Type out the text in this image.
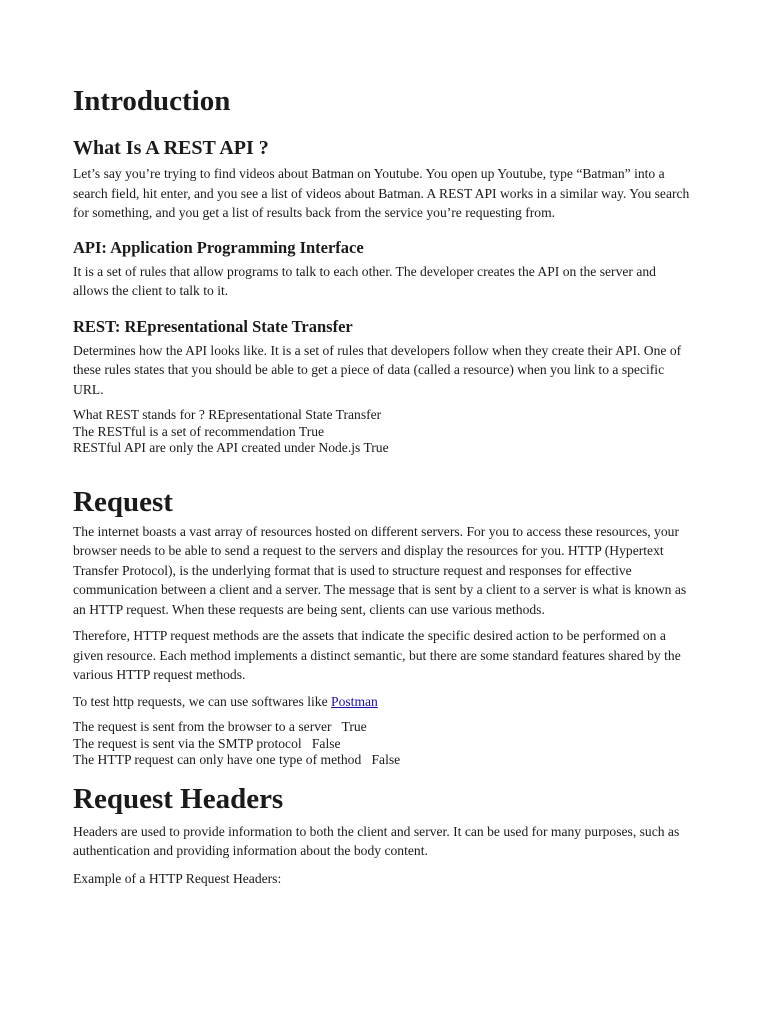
Introduction
What Is A REST API ?

Let’s say you’re trying to find videos about Batman on Youtube. You open up Youtube, type “Batman” into a search field, hit enter, and you see a list of videos about Batman. A REST API works in a similar way. You search for something, and you get a list of results back from the service you’re requesting from.

API: Application Programming Interface

It is a set of rules that allow programs to talk to each other. The developer creates the API on the server and allows the client to talk to it.

REST: REpresentational State Transfer

Determines how the API looks like. It is a set of rules that developers follow when they create their API. One of these rules states that you should be able to get a piece of data (called a resource) when you link to a specific URL.

What REST stands for ? REpresentational State Transfer
The RESTful is a set of recommendation True
RESTful API are only the API created under Node.js True
Request

The internet boasts a vast array of resources hosted on different servers. For you to access these resources, your browser needs to be able to send a request to the servers and display the resources for you. HTTP (Hypertext Transfer Protocol), is the underlying format that is used to structure request and responses for effective communication between a client and a server. The message that is sent by a client to a server is what is known as an HTTP request. When these requests are being sent, clients can use various methods.

Therefore, HTTP request methods are the assets that indicate the specific desired action to be performed on a given resource. Each method implements a distinct semantic, but there are some standard features shared by the various HTTP request methods.

To test http requests, we can use softwares like Postman

The request is sent from the browser to a server   True
The request is sent via the SMTP protocol   False
The HTTP request can only have one type of method   False
Request Headers

Headers are used to provide information to both the client and server. It can be used for many purposes, such as authentication and providing information about the body content.

Example of a HTTP Request Headers:
